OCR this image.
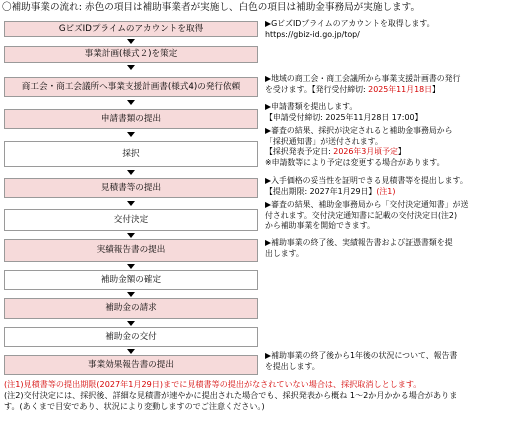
〇補助事業の流れ: 赤色の項目は補助事業者が実施し、白色の項目は補助金事務局が実施します。
GビズIDプライムのアカウントを取得
事業計画(様式２)を策定
商工会・商工会議所へ事業支援計画書(様式4)の発行依頼
申請書類の提出
採択
見積書等の提出
交付決定
実績報告書の提出
補助金額の確定
補助金の請求
補助金の交付
事業効果報告書の提出
▶GビズIDプライムのアカウントを取得します。
https://gbiz-id.go.jp/top/
▶地域の商工会・商工会議所から事業支援計画書の発行
を受けます。【発行受付締切: 2025年11月18日】
▶申請書類を提出します。
【申請受付締切: 2025年11月28日 17:00】
▶審査の結果、採択が決定されると補助金事務局から
「採択通知書」が送付されます。
【採択発表予定日: 2026年3月頃予定】
※申請数等により予定は変更する場合があります。
▶入手価格の妥当性を証明できる見積書等を提出します。
【提出期限: 2027年1月29日】(注1)
▶審査の結果、補助金事務局から「交付決定通知書」が送
付されます。交付決定通知書に記載の交付決定日(注2)
から補助事業を開始できます。
▶補助事業の終了後、実績報告書および証憑書類を提
出します。
▶補助事業の終了後から1年後の状況について、報告書
を提出します。
(注1)見積書等の提出期限(2027年1月29日)までに見積書等の提出がなされていない場合は、採択取消しとします。
(注2)交付決定には、採択後、詳細な見積書が速やかに提出された場合でも、採択発表から概ね 1～2か月かかる場合がありま
す。(あくまで目安であり、状況により変動しますのでご注意ください。)
